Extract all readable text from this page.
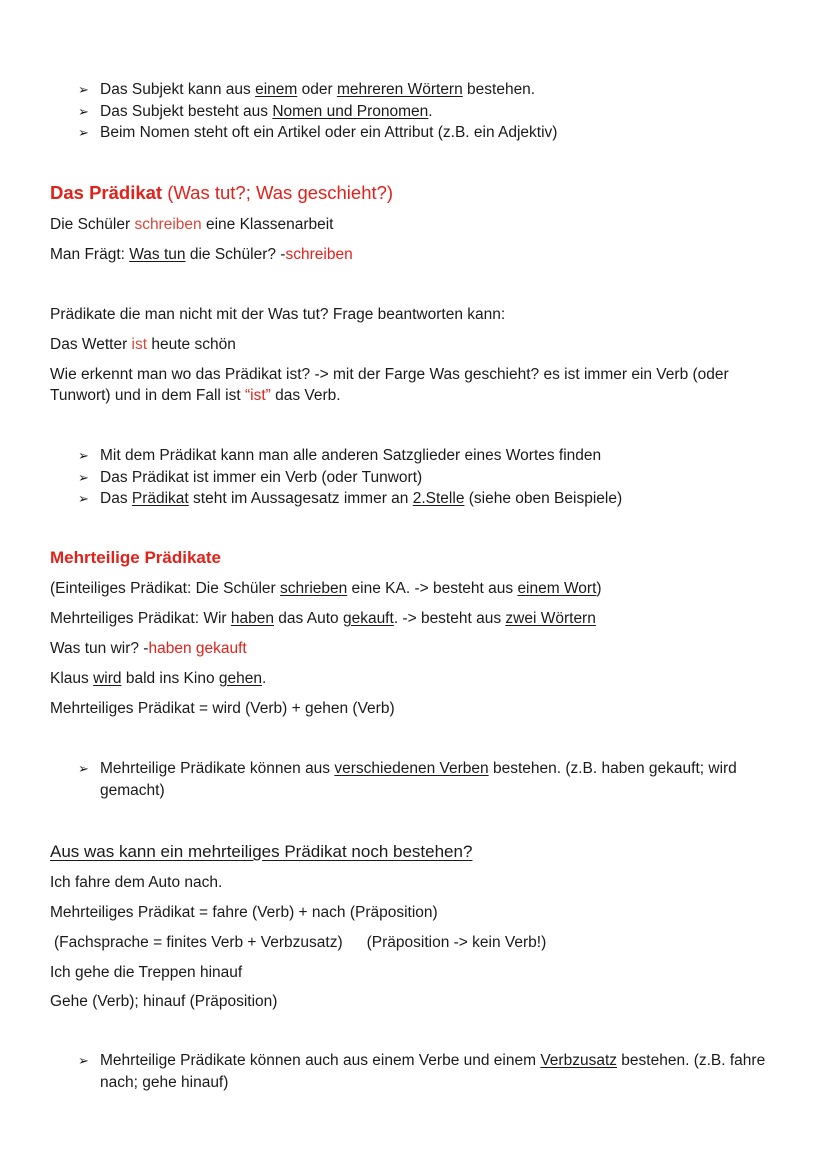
➢ Das Subjekt kann aus einem oder mehreren Wörtern bestehen.
➢ Das Subjekt besteht aus Nomen und Pronomen.
➢ Beim Nomen steht oft ein Artikel oder ein Attribut (z.B. ein Adjektiv)

Das Prädikat (Was tut?; Was geschieht?)

Die Schüler schreiben eine Klassenarbeit

Man Frägt: Was tun die Schüler? -schreiben

Prädikate die man nicht mit der Was tut? Frage beantworten kann:

Das Wetter ist heute schön

Wie erkennt man wo das Prädikat ist? -> mit der Farge Was geschieht? es ist immer ein Verb (oder Tunwort) und in dem Fall ist “ist” das Verb.

➢ Mit dem Prädikat kann man alle anderen Satzglieder eines Wortes finden
➢ Das Prädikat ist immer ein Verb (oder Tunwort)
➢ Das Prädikat steht im Aussagesatz immer an 2.Stelle (siehe oben Beispiele)

Mehrteilige Prädikate

(Einteiliges Prädikat: Die Schüler schrieben eine KA. -> besteht aus einem Wort)

Mehrteiliges Prädikat: Wir haben das Auto gekauft. -> besteht aus zwei Wörtern

Was tun wir? -haben gekauft

Klaus wird bald ins Kino gehen.

Mehrteiliges Prädikat = wird (Verb) + gehen (Verb)

➢ Mehrteilige Prädikate können aus verschiedenen Verben bestehen. (z.B. haben gekauft; wird gemacht)

Aus was kann ein mehrteiliges Prädikat noch bestehen?

Ich fahre dem Auto nach.

Mehrteiliges Prädikat = fahre (Verb) + nach (Präposition)

(Fachsprache = finites Verb + Verbzusatz) (Präposition -> kein Verb!)

Ich gehe die Treppen hinauf

Gehe (Verb); hinauf (Präposition)

➢ Mehrteilige Prädikate können auch aus einem Verbe und einem Verbzusatz bestehen. (z.B. fahre nach; gehe hinauf)
